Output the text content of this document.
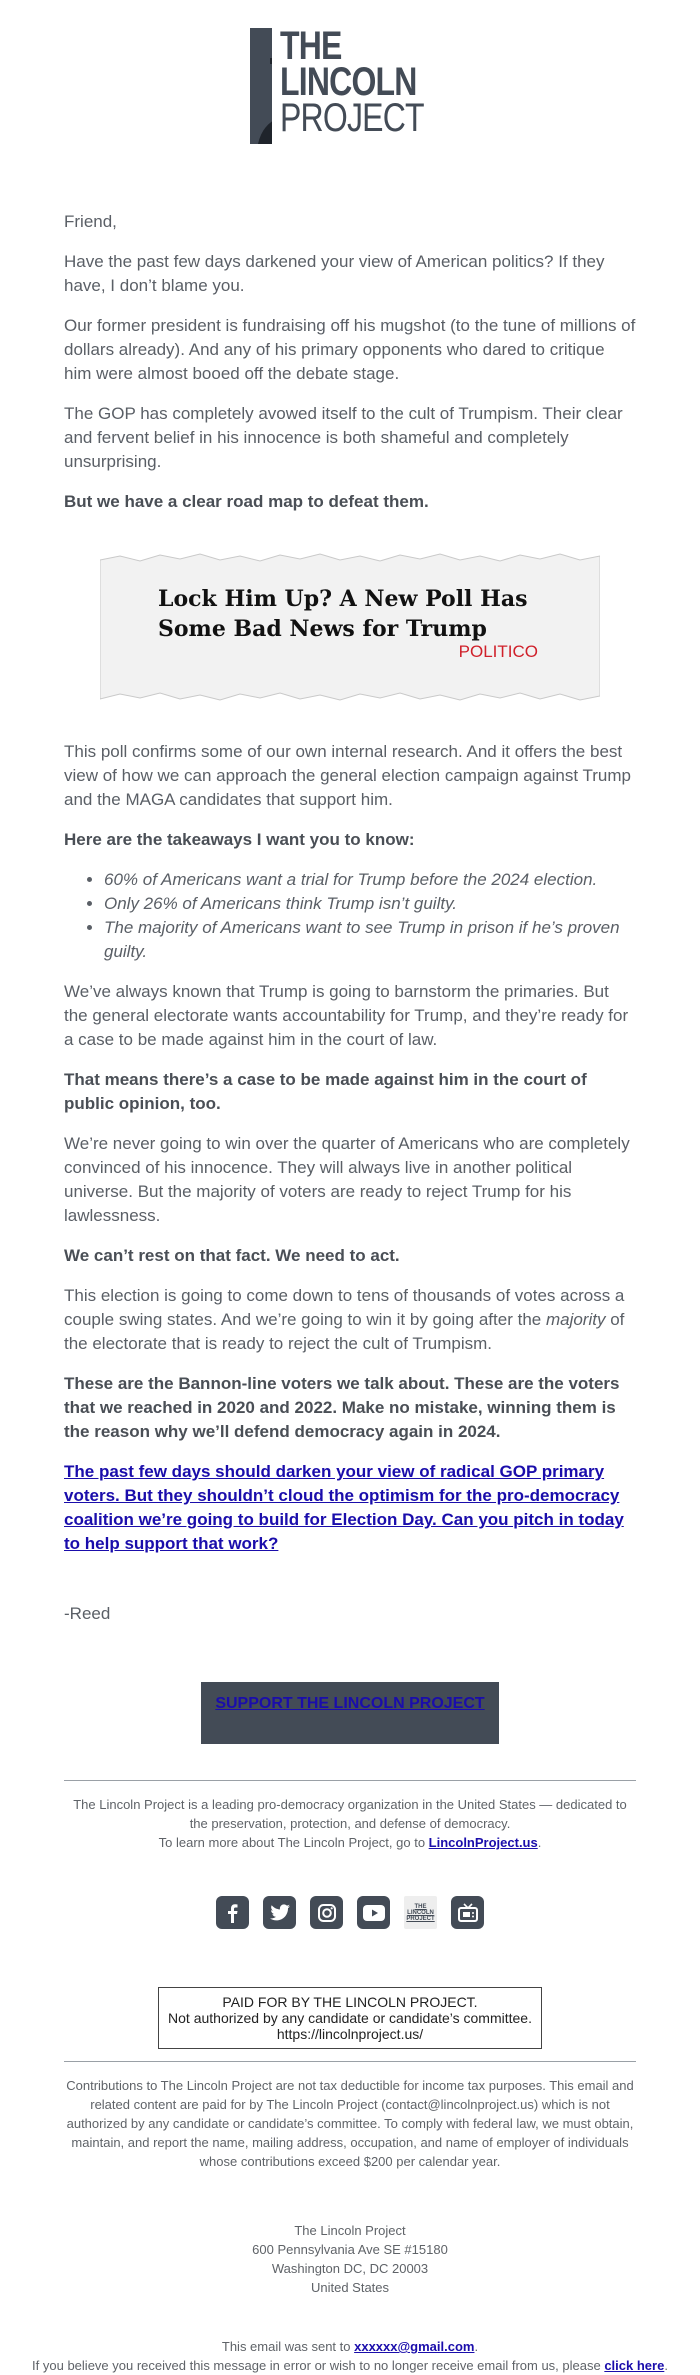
THE
LINCOLN
PROJECT

Friend,

Have the past few days darkened your view of American politics? If they have, I don’t blame you.

Our former president is fundraising off his mugshot (to the tune of millions of dollars already). And any of his primary opponents who dared to critique him were almost booed off the debate stage.

The GOP has completely avowed itself to the cult of Trumpism. Their clear and fervent belief in his innocence is both shameful and completely unsurprising.

But we have a clear road map to defeat them.

Lock Him Up? A New Poll Has Some Bad News for Trump
POLITICO

This poll confirms some of our own internal research. And it offers the best view of how we can approach the general election campaign against Trump and the MAGA candidates that support him.

Here are the takeaways I want you to know:

• 60% of Americans want a trial for Trump before the 2024 election.
• Only 26% of Americans think Trump isn’t guilty.
• The majority of Americans want to see Trump in prison if he’s proven guilty.

We’ve always known that Trump is going to barnstorm the primaries. But the general electorate wants accountability for Trump, and they’re ready for a case to be made against him in the court of law.

That means there’s a case to be made against him in the court of public opinion, too.

We’re never going to win over the quarter of Americans who are completely convinced of his innocence. They will always live in another political universe. But the majority of voters are ready to reject Trump for his lawlessness.

We can’t rest on that fact. We need to act.

This election is going to come down to tens of thousands of votes across a couple swing states. And we’re going to win it by going after the majority of the electorate that is ready to reject the cult of Trumpism.

These are the Bannon-line voters we talk about. These are the voters that we reached in 2020 and 2022. Make no mistake, winning them is the reason why we’ll defend democracy again in 2024.

The past few days should darken your view of radical GOP primary voters. But they shouldn’t cloud the optimism for the pro-democracy coalition we’re going to build for Election Day. Can you pitch in today to help support that work?

-Reed

SUPPORT THE LINCOLN PROJECT
The Lincoln Project is a leading pro-democracy organization in the United States — dedicated to the preservation, protection, and defense of democracy.
To learn more about The Lincoln Project, go to LincolnProject.us.
THE LINCOLN PROJECT
PAID FOR BY THE LINCOLN PROJECT.
Not authorized by any candidate or candidate’s committee.
https://lincolnproject.us/
Contributions to The Lincoln Project are not tax deductible for income tax purposes. This email and related content are paid for by The Lincoln Project (contact@lincolnproject.us) which is not authorized by any candidate or candidate’s committee. To comply with federal law, we must obtain, maintain, and report the name, mailing address, occupation, and name of employer of individuals whose contributions exceed $200 per calendar year.
The Lincoln Project
600 Pennsylvania Ave SE #15180
Washington DC, DC 20003
United States
This email was sent to xxxxxx@gmail.com.
If you believe you received this message in error or wish to no longer receive email from us, please click here.
